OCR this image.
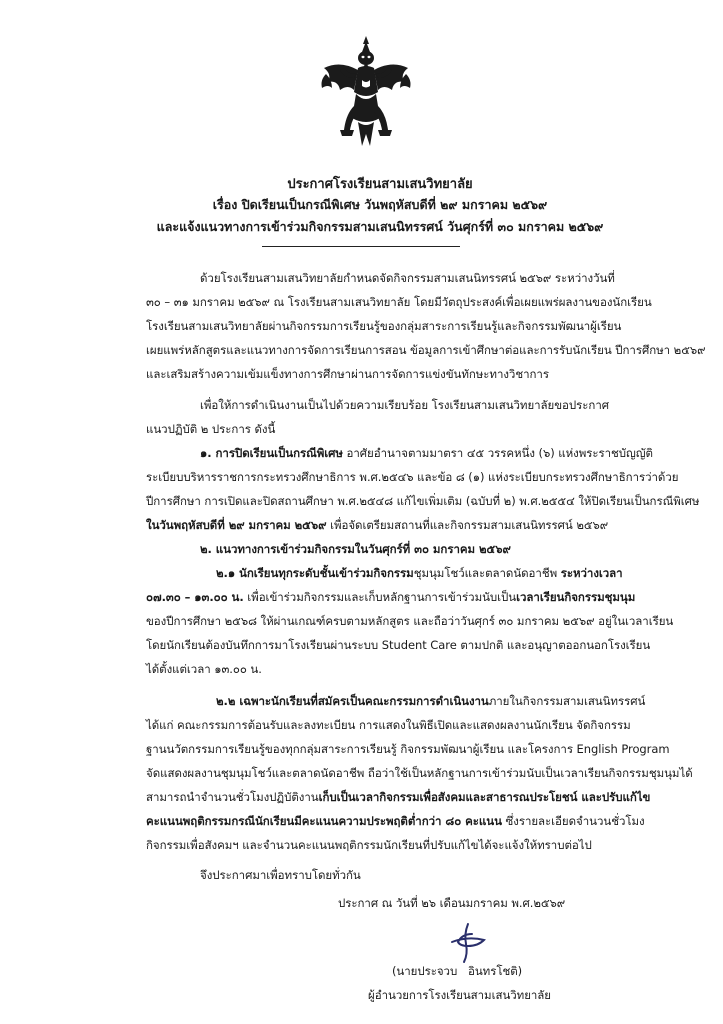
ประกาศโรงเรียนสามเสนวิทยาลัย
เรื่อง ปิดเรียนเป็นกรณีพิเศษ วันพฤหัสบดีที่ ๒๙ มกราคม ๒๕๖๙
และแจ้งแนวทางการเข้าร่วมกิจกรรมสามเสนนิทรรศน์ วันศุกร์ที่ ๓๐ มกราคม ๒๕๖๙
ด้วยโรงเรียนสามเสนวิทยาลัยกำหนดจัดกิจกรรมสามเสนนิทรรศน์ ๒๕๖๙ ระหว่างวันที่
๓๐ – ๓๑ มกราคม ๒๕๖๙ ณ โรงเรียนสามเสนวิทยาลัย โดยมีวัตถุประสงค์เพื่อเผยแพร่ผลงานของนักเรียน
โรงเรียนสามเสนวิทยาลัยผ่านกิจกรรมการเรียนรู้ของกลุ่มสาระการเรียนรู้และกิจกรรมพัฒนาผู้เรียน
เผยแพร่หลักสูตรและแนวทางการจัดการเรียนการสอน ข้อมูลการเข้าศึกษาต่อและการรับนักเรียน ปีการศึกษา ๒๕๖๙
และเสริมสร้างความเข้มแข็งทางการศึกษาผ่านการจัดการแข่งขันทักษะทางวิชาการ
เพื่อให้การดำเนินงานเป็นไปด้วยความเรียบร้อย โรงเรียนสามเสนวิทยาลัยขอประกาศ
แนวปฏิบัติ ๒ ประการ ดังนี้
๑. การปิดเรียนเป็นกรณีพิเศษ อาศัยอำนาจตามมาตรา ๔๕ วรรคหนึ่ง (๖) แห่งพระราชบัญญัติ
ระเบียบบริหารราชการกระทรวงศึกษาธิการ พ.ศ.๒๕๔๖ และข้อ ๘ (๑) แห่งระเบียบกระทรวงศึกษาธิการว่าด้วย
ปีการศึกษา การเปิดและปิดสถานศึกษา พ.ศ.๒๕๔๘ แก้ไขเพิ่มเติม (ฉบับที่ ๒) พ.ศ.๒๕๕๔ ให้ปิดเรียนเป็นกรณีพิเศษ
ในวันพฤหัสบดีที่ ๒๙ มกราคม ๒๕๖๙ เพื่อจัดเตรียมสถานที่และกิจกรรมสามเสนนิทรรศน์ ๒๕๖๙
๒. แนวทางการเข้าร่วมกิจกรรมในวันศุกร์ที่ ๓๐ มกราคม ๒๕๖๙
๒.๑ นักเรียนทุกระดับชั้นเข้าร่วมกิจกรรมชุมนุมโชว์และตลาดนัดอาชีพ ระหว่างเวลา
๐๗.๓๐ – ๑๓.๐๐ น. เพื่อเข้าร่วมกิจกรรมและเก็บหลักฐานการเข้าร่วมนับเป็นเวลาเรียนกิจกรรมชุมนุม
ของปีการศึกษา ๒๕๖๘ ให้ผ่านเกณฑ์ครบตามหลักสูตร และถือว่าวันศุกร์ ๓๐ มกราคม ๒๕๖๙ อยู่ในเวลาเรียน
โดยนักเรียนต้องบันทึกการมาโรงเรียนผ่านระบบ Student Care ตามปกติ และอนุญาตออกนอกโรงเรียน
ได้ตั้งแต่เวลา ๑๓.๐๐ น.
๒.๒ เฉพาะนักเรียนที่สมัครเป็นคณะกรรมการดำเนินงานภายในกิจกรรมสามเสนนิทรรศน์
ได้แก่ คณะกรรมการต้อนรับและลงทะเบียน การแสดงในพิธีเปิดและแสดงผลงานนักเรียน จัดกิจกรรม
ฐานนวัตกรรมการเรียนรู้ของทุกกลุ่มสาระการเรียนรู้ กิจกรรมพัฒนาผู้เรียน และโครงการ English Program
จัดแสดงผลงานชุมนุมโชว์และตลาดนัดอาชีพ ถือว่าใช้เป็นหลักฐานการเข้าร่วมนับเป็นเวลาเรียนกิจกรรมชุมนุมได้
สามารถนำจำนวนชั่วโมงปฏิบัติงานเก็บเป็นเวลากิจกรรมเพื่อสังคมและสาธารณประโยชน์ และปรับแก้ไข
คะแนนพฤติกรรมกรณีนักเรียนมีคะแนนความประพฤติต่ำกว่า ๘๐ คะแนน ซึ่งรายละเอียดจำนวนชั่วโมง
กิจกรรมเพื่อสังคมฯ และจำนวนคะแนนพฤติกรรมนักเรียนที่ปรับแก้ไขได้จะแจ้งให้ทราบต่อไป
จึงประกาศมาเพื่อทราบโดยทั่วกัน
ประกาศ ณ วันที่ ๒๖ เดือนมกราคม พ.ศ.๒๕๖๙
(นายประจวบ   อินทรโชติ)
ผู้อำนวยการโรงเรียนสามเสนวิทยาลัย
